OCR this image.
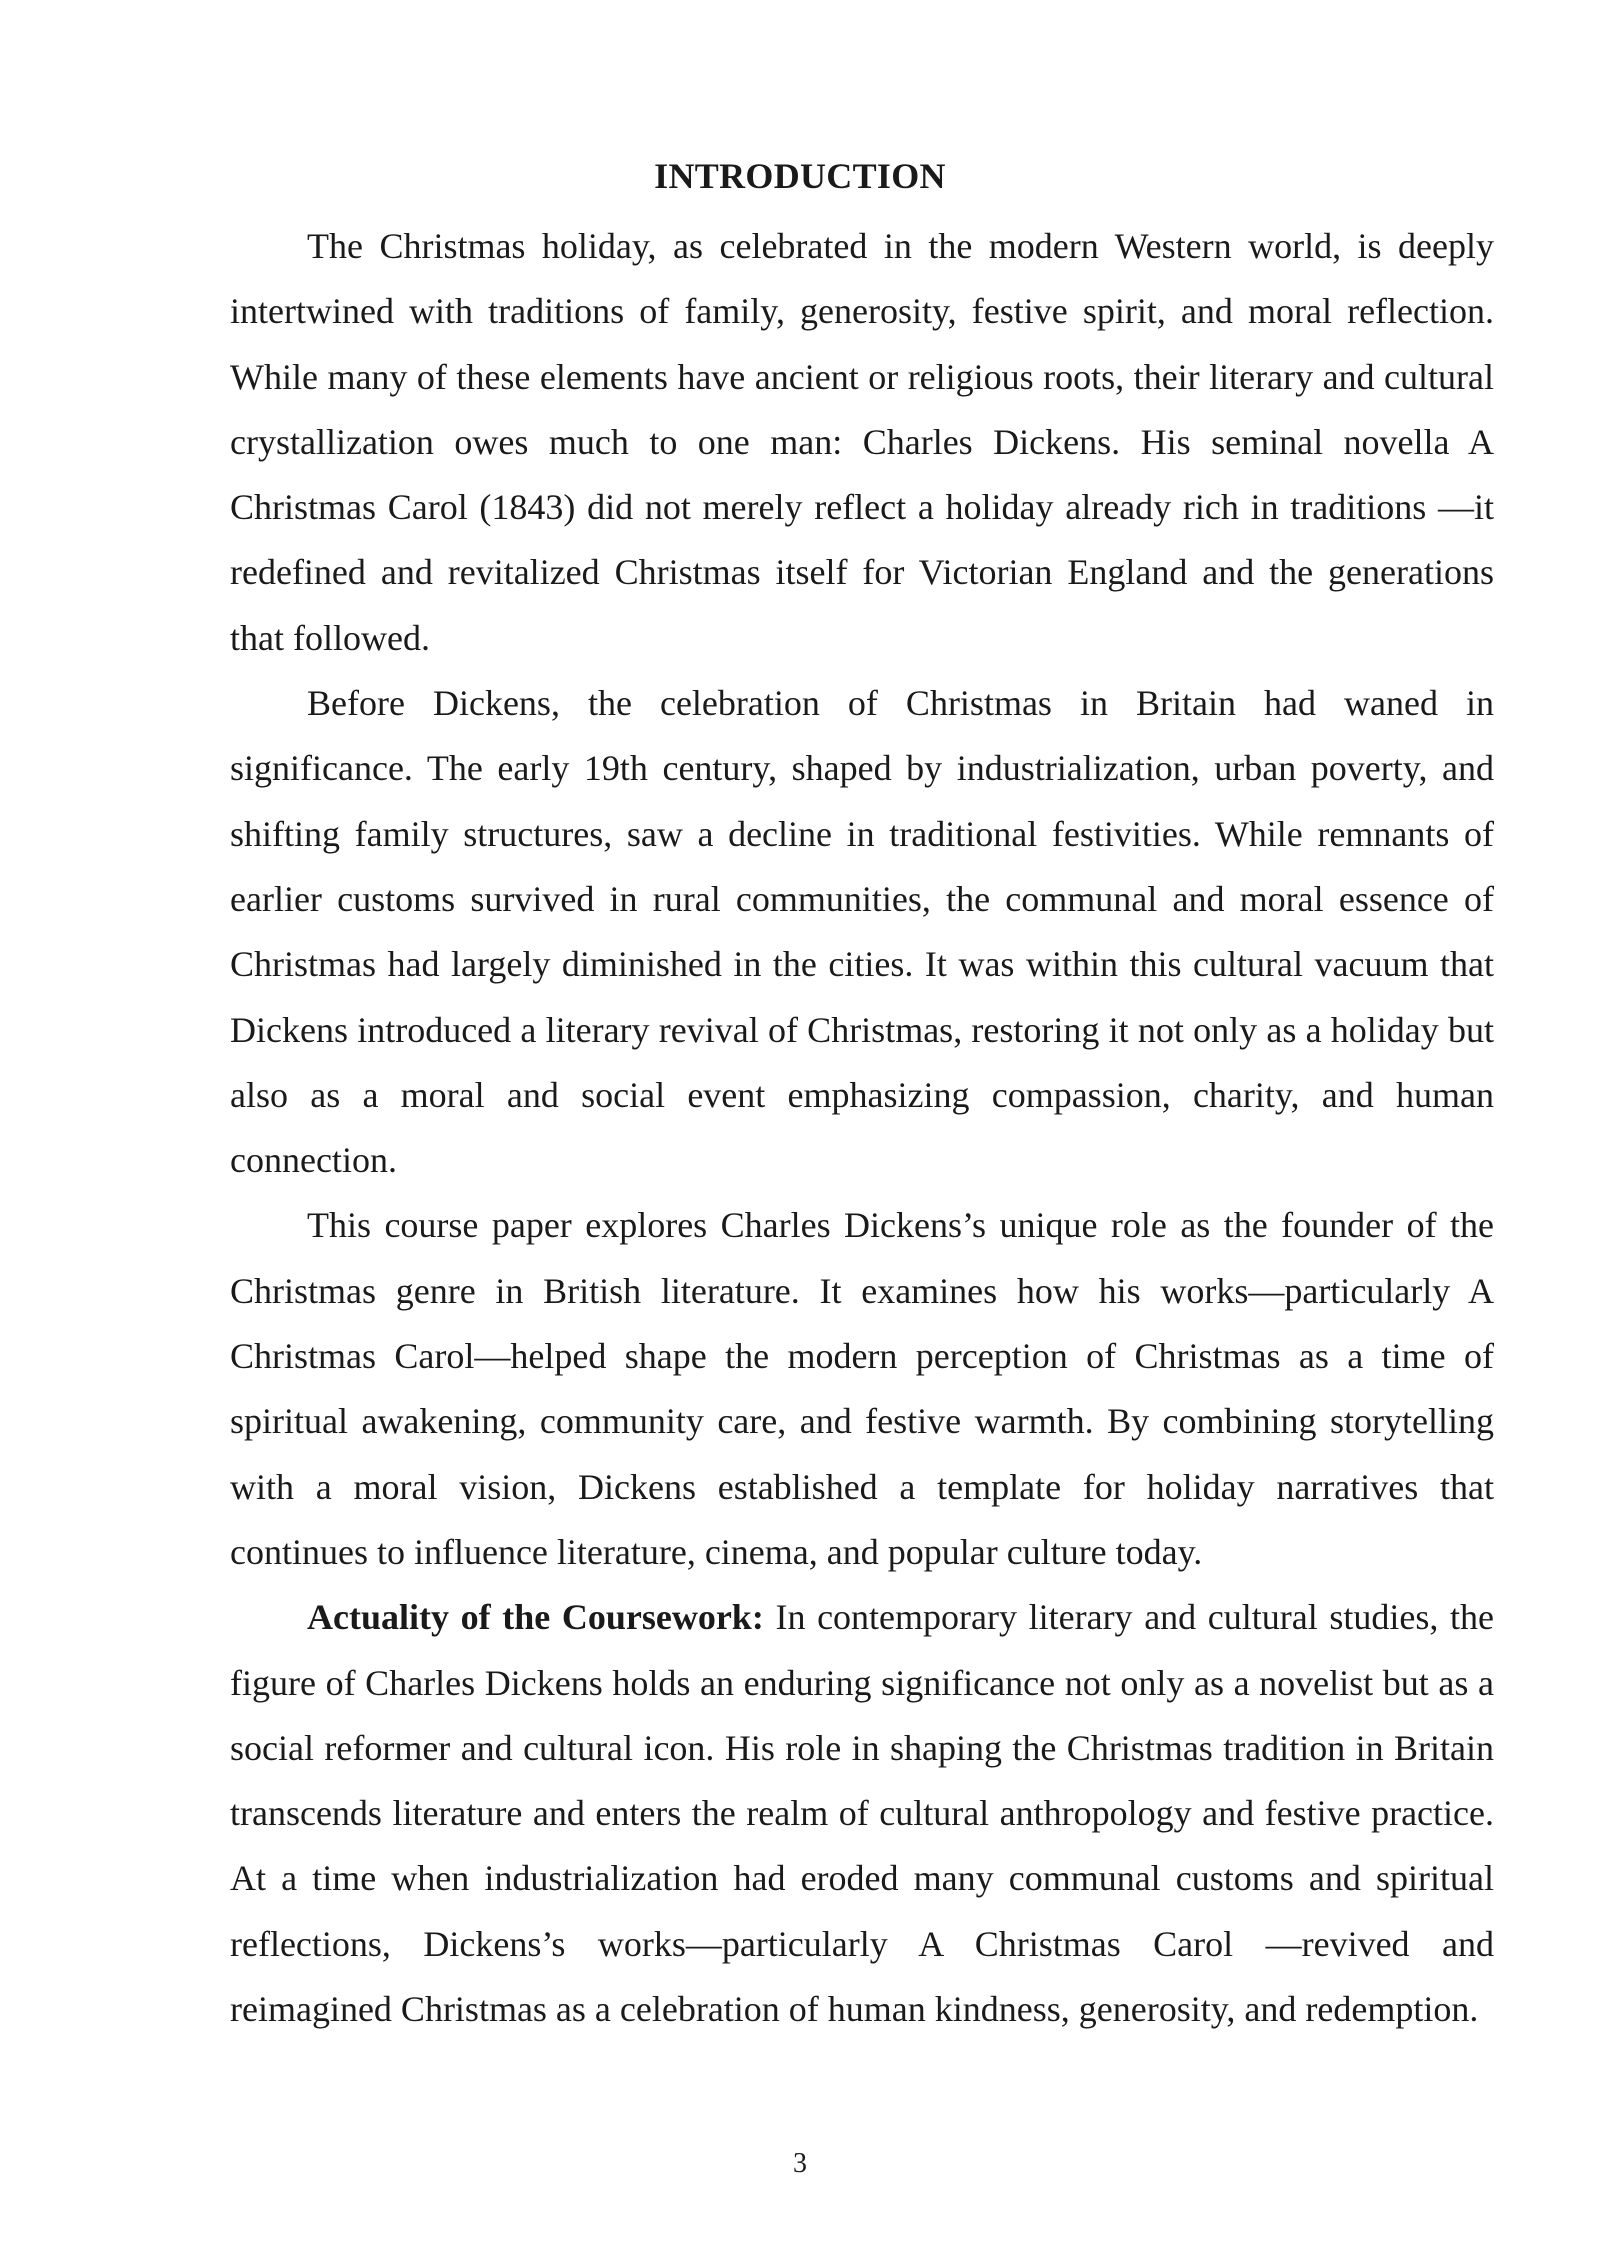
INTRODUCTION

The Christmas holiday, as celebrated in the modern Western world, is deeply intertwined with traditions of family, generosity, festive spirit, and moral reflection. While many of these elements have ancient or religious roots, their literary and cultural crystallization owes much to one man: Charles Dickens. His seminal novella A Christmas Carol (1843) did not merely reflect a holiday already rich in traditions —it redefined and revitalized Christmas itself for Victorian England and the generations that followed.

Before Dickens, the celebration of Christmas in Britain had waned in significance. The early 19th century, shaped by industrialization, urban poverty, and shifting family structures, saw a decline in traditional festivities. While remnants of earlier customs survived in rural communities, the communal and moral essence of Christmas had largely diminished in the cities. It was within this cultural vacuum that Dickens introduced a literary revival of Christmas, restoring it not only as a holiday but also as a moral and social event emphasizing compassion, charity, and human connection.

This course paper explores Charles Dickens’s unique role as the founder of the Christmas genre in British literature. It examines how his works—particularly A Christmas Carol—helped shape the modern perception of Christmas as a time of spiritual awakening, community care, and festive warmth. By combining storytelling with a moral vision, Dickens established a template for holiday narratives that continues to influence literature, cinema, and popular culture today.

Actuality of the Coursework: In contemporary literary and cultural studies, the figure of Charles Dickens holds an enduring significance not only as a novelist but as a social reformer and cultural icon. His role in shaping the Christmas tradition in Britain transcends literature and enters the realm of cultural anthropology and festive practice. At a time when industrialization had eroded many communal customs and spiritual reflections, Dickens’s works—particularly A Christmas Carol —revived and reimagined Christmas as a celebration of human kindness, generosity, and redemption.

3
